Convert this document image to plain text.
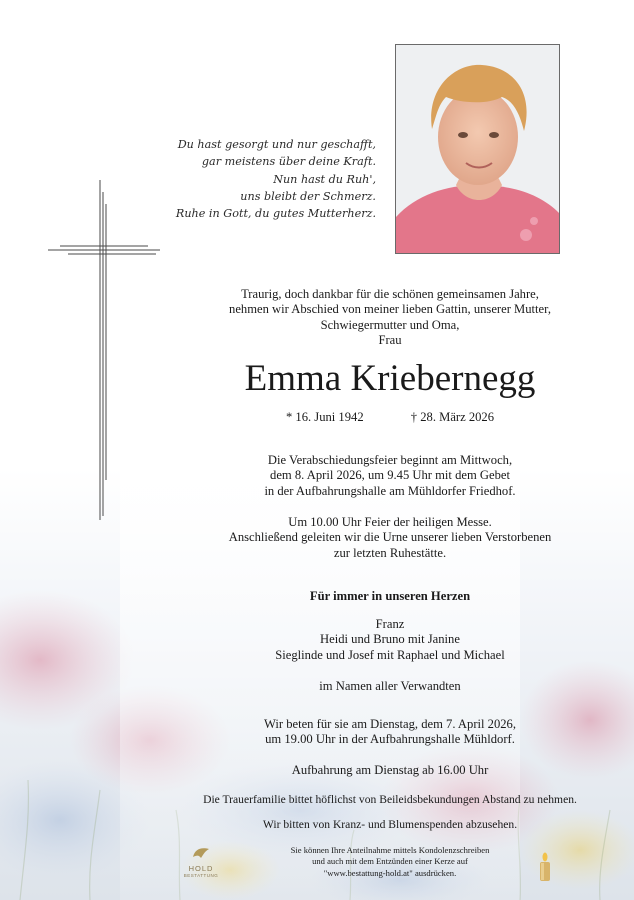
Du hast gesorgt und nur geschafft,
gar meistens über deine Kraft.
Nun hast du Ruh',
uns bleibt der Schmerz.
Ruhe in Gott, du gutes Mutterherz.
Traurig, doch dankbar für die schönen gemeinsamen Jahre,
nehmen wir Abschied von meiner lieben Gattin, unserer Mutter,
Schwiegermutter und Oma,
Frau
Emma Kriebernegg
* 16. Juni 1942	† 28. März 2026
Die Verabschiedungsfeier beginnt am Mittwoch,
dem 8. April 2026, um 9.45 Uhr mit dem Gebet
in der Aufbahrungshalle am Mühldorfer Friedhof.
Um 10.00 Uhr Feier der heiligen Messe.
Anschließend geleiten wir die Urne unserer lieben Verstorbenen
zur letzten Ruhestätte.
Für immer in unseren Herzen
Franz
Heidi und Bruno mit Janine
Sieglinde und Josef mit Raphael und Michael
im Namen aller Verwandten
Wir beten für sie am Dienstag, dem 7. April 2026,
um 19.00 Uhr in der Aufbahrungshalle Mühldorf.
Aufbahrung am Dienstag ab 16.00 Uhr
Die Trauerfamilie bittet höflichst von Beileidsbekundungen Abstand zu nehmen.
Wir bitten von Kranz- und Blumenspenden abzusehen.
Sie können Ihre Anteilnahme mittels Kondolenzschreiben
und auch mit dem Entzünden einer Kerze auf
"www.bestattung-hold.at" ausdrücken.
HOLD
BESTATTUNG
